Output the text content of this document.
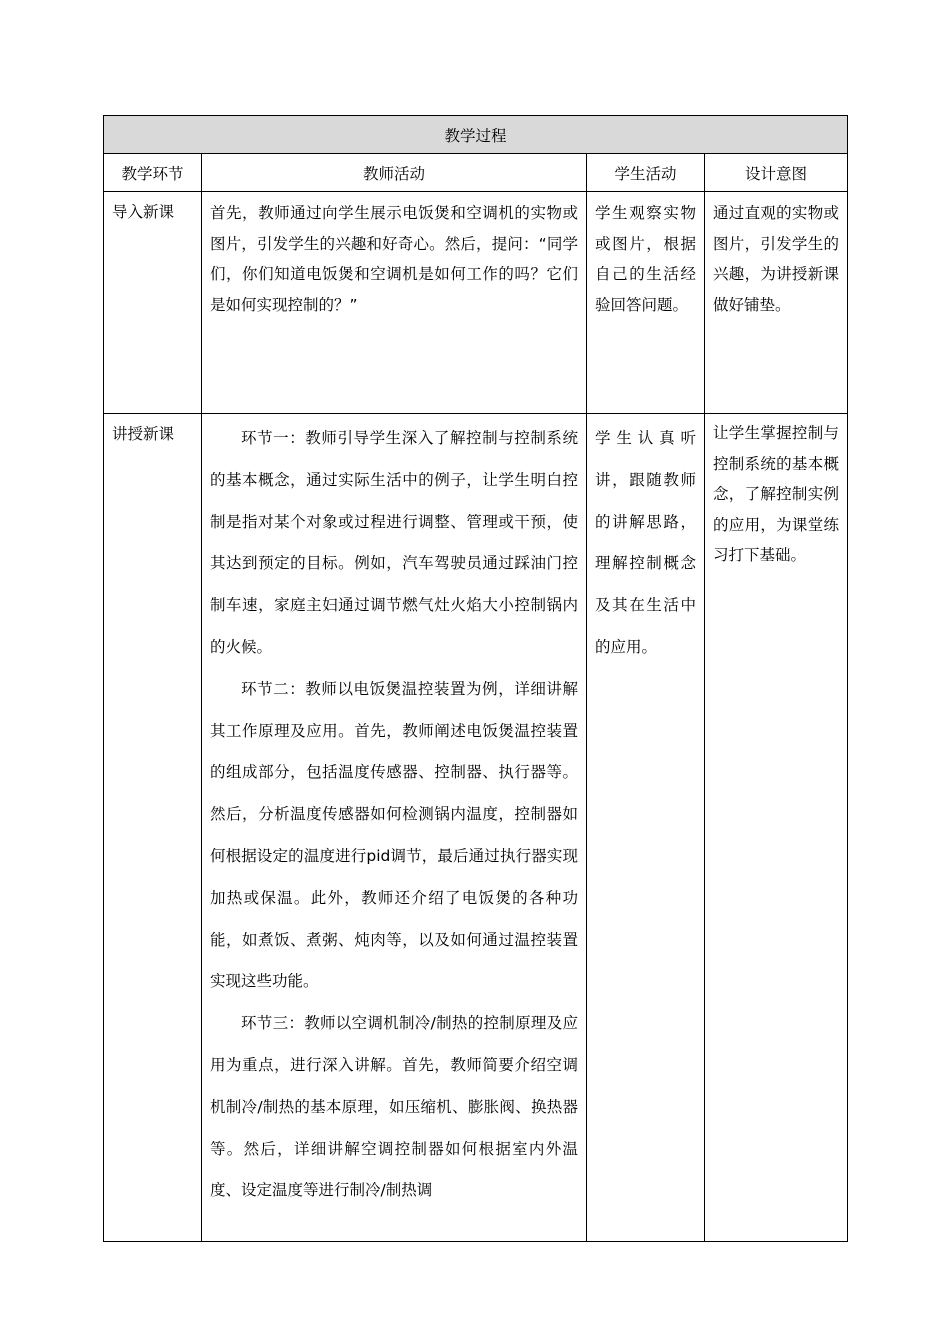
教学过程			
教学环节	教师活动	学生活动	设计意图
导入新课	首先，教师通过向学生展示电饭煲和空调机的实物或图片，引发学生的兴趣和好奇心。然后，提问：“同学们，你们知道电饭煲和空调机是如何工作的吗？它们是如何实现控制的？”	学生观察实物或图片，根据自己的生活经验回答问题。	通过直观的实物或图片，引发学生的兴趣，为讲授新课做好铺垫。
讲授新课	环节一：教师引导学生深入了解控制与控制系统的基本概念，通过实际生活中的例子，让学生明白控制是指对某个对象或过程进行调整、管理或干预，使其达到预定的目标。例如，汽车驾驶员通过踩油门控制车速，家庭主妇通过调节燃气灶火焰大小控制锅内的火候。

环节二：教师以电饭煲温控装置为例，详细讲解其工作原理及应用。首先，教师阐述电饭煲温控装置的组成部分，包括温度传感器、控制器、执行器等。然后，分析温度传感器如何检测锅内温度，控制器如何根据设定的温度进行pid调节，最后通过执行器实现加热或保温。此外，教师还介绍了电饭煲的各种功能，如煮饭、煮粥、炖肉等，以及如何通过温控装置实现这些功能。

环节三：教师以空调机制冷/制热的控制原理及应用为重点，进行深入讲解。首先，教师简要介绍空调机制冷/制热的基本原理，如压缩机、膨胀阀、换热器等。然后，详细讲解空调控制器如何根据室内外温度、设定温度等进行制冷/制热调	学生认真听讲，跟随教师的讲解思路，理解控制概念及其在生活中的应用。	让学生掌握控制与控制系统的基本概念，了解控制实例的应用，为课堂练习打下基础。
